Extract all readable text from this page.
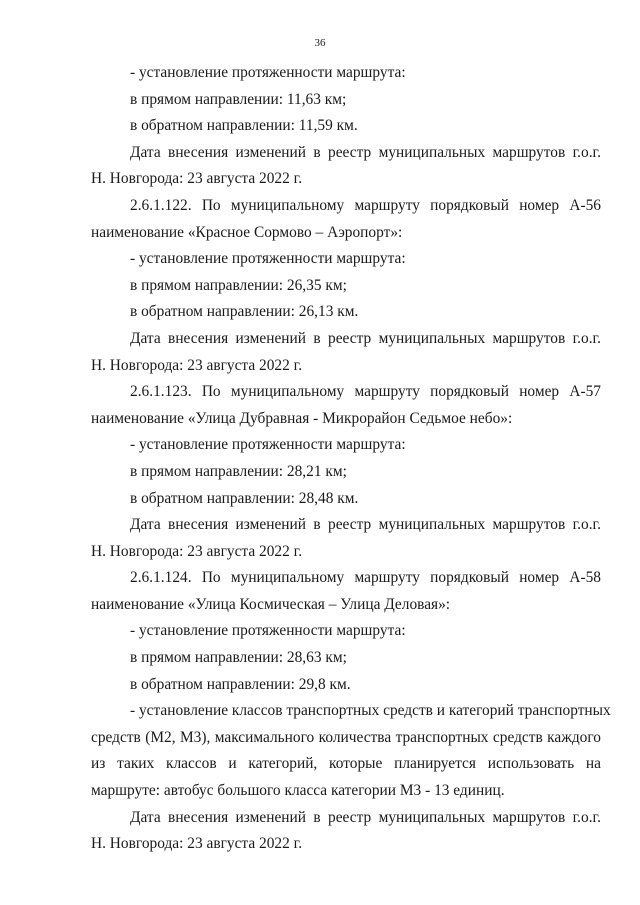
36
- установление протяженности маршрута:
в прямом направлении: 11,63 км;
в обратном направлении: 11,59 км.
Дата внесения изменений в реестр муниципальных маршрутов г.о.г.
Н. Новгорода: 23 августа 2022 г.
2.6.1.122. По муниципальному маршруту порядковый номер А-56
наименование «Красное Сормово – Аэропорт»:
- установление протяженности маршрута:
в прямом направлении: 26,35 км;
в обратном направлении: 26,13 км.
Дата внесения изменений в реестр муниципальных маршрутов г.о.г.
Н. Новгорода: 23 августа 2022 г.
2.6.1.123. По муниципальному маршруту порядковый номер А-57
наименование «Улица Дубравная - Микрорайон Седьмое небо»:
- установление протяженности маршрута:
в прямом направлении: 28,21 км;
в обратном направлении: 28,48 км.
Дата внесения изменений в реестр муниципальных маршрутов г.о.г.
Н. Новгорода: 23 августа 2022 г.
2.6.1.124. По муниципальному маршруту порядковый номер А-58
наименование «Улица Космическая – Улица Деловая»:
- установление протяженности маршрута:
в прямом направлении: 28,63 км;
в обратном направлении: 29,8 км.
- установление классов транспортных средств и категорий транспортных
средств (М2, М3), максимального количества транспортных средств каждого
из таких классов и категорий, которые планируется использовать на
маршруте: автобус большого класса категории М3 - 13 единиц.
Дата внесения изменений в реестр муниципальных маршрутов г.о.г.
Н. Новгорода: 23 августа 2022 г.
